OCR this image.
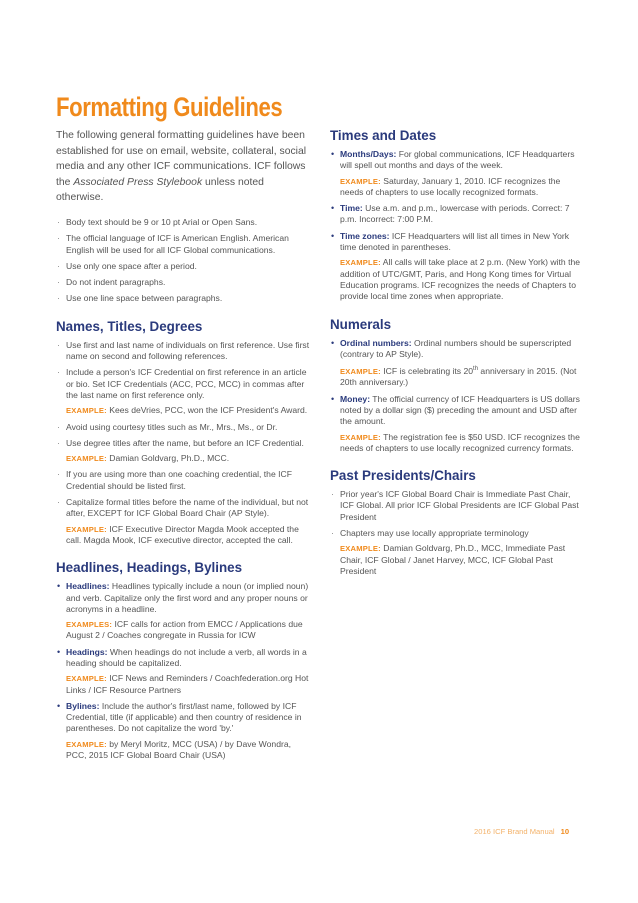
Formatting Guidelines

The following general formatting guidelines have been established for use on email, website, collateral, social media and any other ICF communications. ICF follows the Associated Press Stylebook unless noted otherwise.

· Body text should be 9 or 10 pt Arial or Open Sans.
· The official language of ICF is American English. American English will be used for all ICF Global communications.
· Use only one space after a period.
· Do not indent paragraphs.
· Use one line space between paragraphs.
Names, Titles, Degrees
· Use first and last name of individuals on first reference. Use first name on second and following references.
· Include a person's ICF Credential on first reference in an article or bio. Set ICF Credentials (ACC, PCC, MCC) in commas after the last name on first reference only.
EXAMPLE: Kees deVries, PCC, won the ICF President's Award.
· Avoid using courtesy titles such as Mr., Mrs., Ms., or Dr.
· Use degree titles after the name, but before an ICF Credential.
EXAMPLE: Damian Goldvarg, Ph.D., MCC.
· If you are using more than one coaching credential, the ICF Credential should be listed first.
· Capitalize formal titles before the name of the individual, but not after, EXCEPT for ICF Global Board Chair (AP Style).
EXAMPLE: ICF Executive Director Magda Mook accepted the call. Magda Mook, ICF executive director, accepted the call.
Headlines, Headings, Bylines
• Headlines: Headlines typically include a noun (or implied noun) and verb. Capitalize only the first word and any proper nouns or acronyms in a headline.
EXAMPLES: ICF calls for action from EMCC / Applications due August 2 / Coaches congregate in Russia for ICW
• Headings: When headings do not include a verb, all words in a heading should be capitalized.
EXAMPLE: ICF News and Reminders / Coachfederation.org Hot Links / ICF Resource Partners
• Bylines: Include the author's first/last name, followed by ICF Credential, title (if applicable) and then country of residence in parentheses. Do not capitalize the word 'by.'
EXAMPLE: by Meryl Moritz, MCC (USA) / by Dave Wondra, PCC, 2015 ICF Global Board Chair (USA)
Times and Dates
• Months/Days: For global communications, ICF Headquarters will spell out months and days of the week.
EXAMPLE: Saturday, January 1, 2010. ICF recognizes the needs of chapters to use locally recognized formats.
• Time: Use a.m. and p.m., lowercase with periods. Correct: 7 p.m. Incorrect: 7:00 P.M.
• Time zones: ICF Headquarters will list all times in New York time denoted in parentheses.
EXAMPLE: All calls will take place at 2 p.m. (New York) with the addition of UTC/GMT, Paris, and Hong Kong times for Virtual Education programs. ICF recognizes the needs of Chapters to provide local time zones when appropriate.
Numerals
• Ordinal numbers: Ordinal numbers should be superscripted (contrary to AP Style).
EXAMPLE: ICF is celebrating its 20th anniversary in 2015. (Not 20th anniversary.)
• Money: The official currency of ICF Headquarters is US dollars noted by a dollar sign ($) preceding the amount and USD after the amount.
EXAMPLE: The registration fee is $50 USD. ICF recognizes the needs of chapters to use locally recognized currency formats.
Past Presidents/Chairs
· Prior year's ICF Global Board Chair is Immediate Past Chair, ICF Global. All prior ICF Global Presidents are ICF Global Past President
· Chapters may use locally appropriate terminology
EXAMPLE: Damian Goldvarg, Ph.D., MCC, Immediate Past Chair, ICF Global / Janet Harvey, MCC, ICF Global Past President
2016 ICF Brand Manual 10
